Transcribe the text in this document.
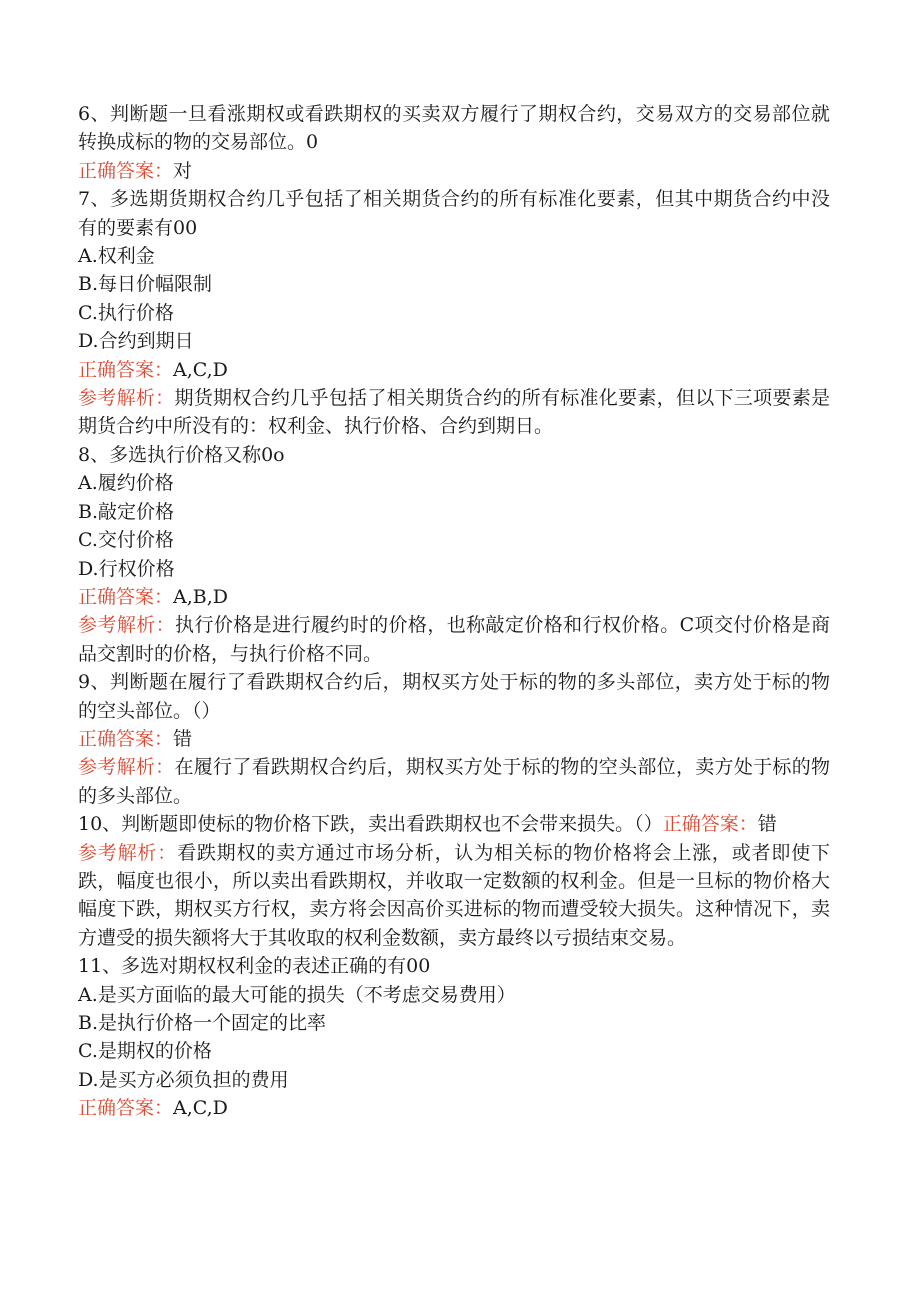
6、判断题一旦看涨期权或看跌期权的买卖双方履行了期权合约，交易双方的交易部位就转换成标的物的交易部位。0

正确答案：对

7、多选期货期权合约几乎包括了相关期货合约的所有标准化要素，但其中期货合约中没有的要素有00

A.权利金

B.每日价幅限制

C.执行价格

D.合约到期日

正确答案：A,C,D

参考解析：期货期权合约几乎包括了相关期货合约的所有标准化要素，但以下三项要素是期货合约中所没有的：权利金、执行价格、合约到期日。

8、多选执行价格又称0o

A.履约价格

B.敲定价格

C.交付价格

D.行权价格

正确答案：A,B,D

参考解析：执行价格是进行履约时的价格，也称敲定价格和行权价格。C项交付价格是商品交割时的价格，与执行价格不同。

9、判断题在履行了看跌期权合约后，期权买方处于标的物的多头部位，卖方处于标的物的空头部位。（）

正确答案：错

参考解析：在履行了看跌期权合约后，期权买方处于标的物的空头部位，卖方处于标的物的多头部位。

10、判断题即使标的物价格下跌，卖出看跌期权也不会带来损失。（）正确答案：错

参考解析：看跌期权的卖方通过市场分析，认为相关标的物价格将会上涨，或者即使下跌，幅度也很小，所以卖出看跌期权，并收取一定数额的权利金。但是一旦标的物价格大幅度下跌，期权买方行权，卖方将会因高价买进标的物而遭受较大损失。这种情况下，卖方遭受的损失额将大于其收取的权利金数额，卖方最终以亏损结束交易。

11、多选对期权权利金的表述正确的有00

A.是买方面临的最大可能的损失（不考虑交易费用）

B.是执行价格一个固定的比率

C.是期权的价格

D.是买方必须负担的费用

正确答案：A,C,D
